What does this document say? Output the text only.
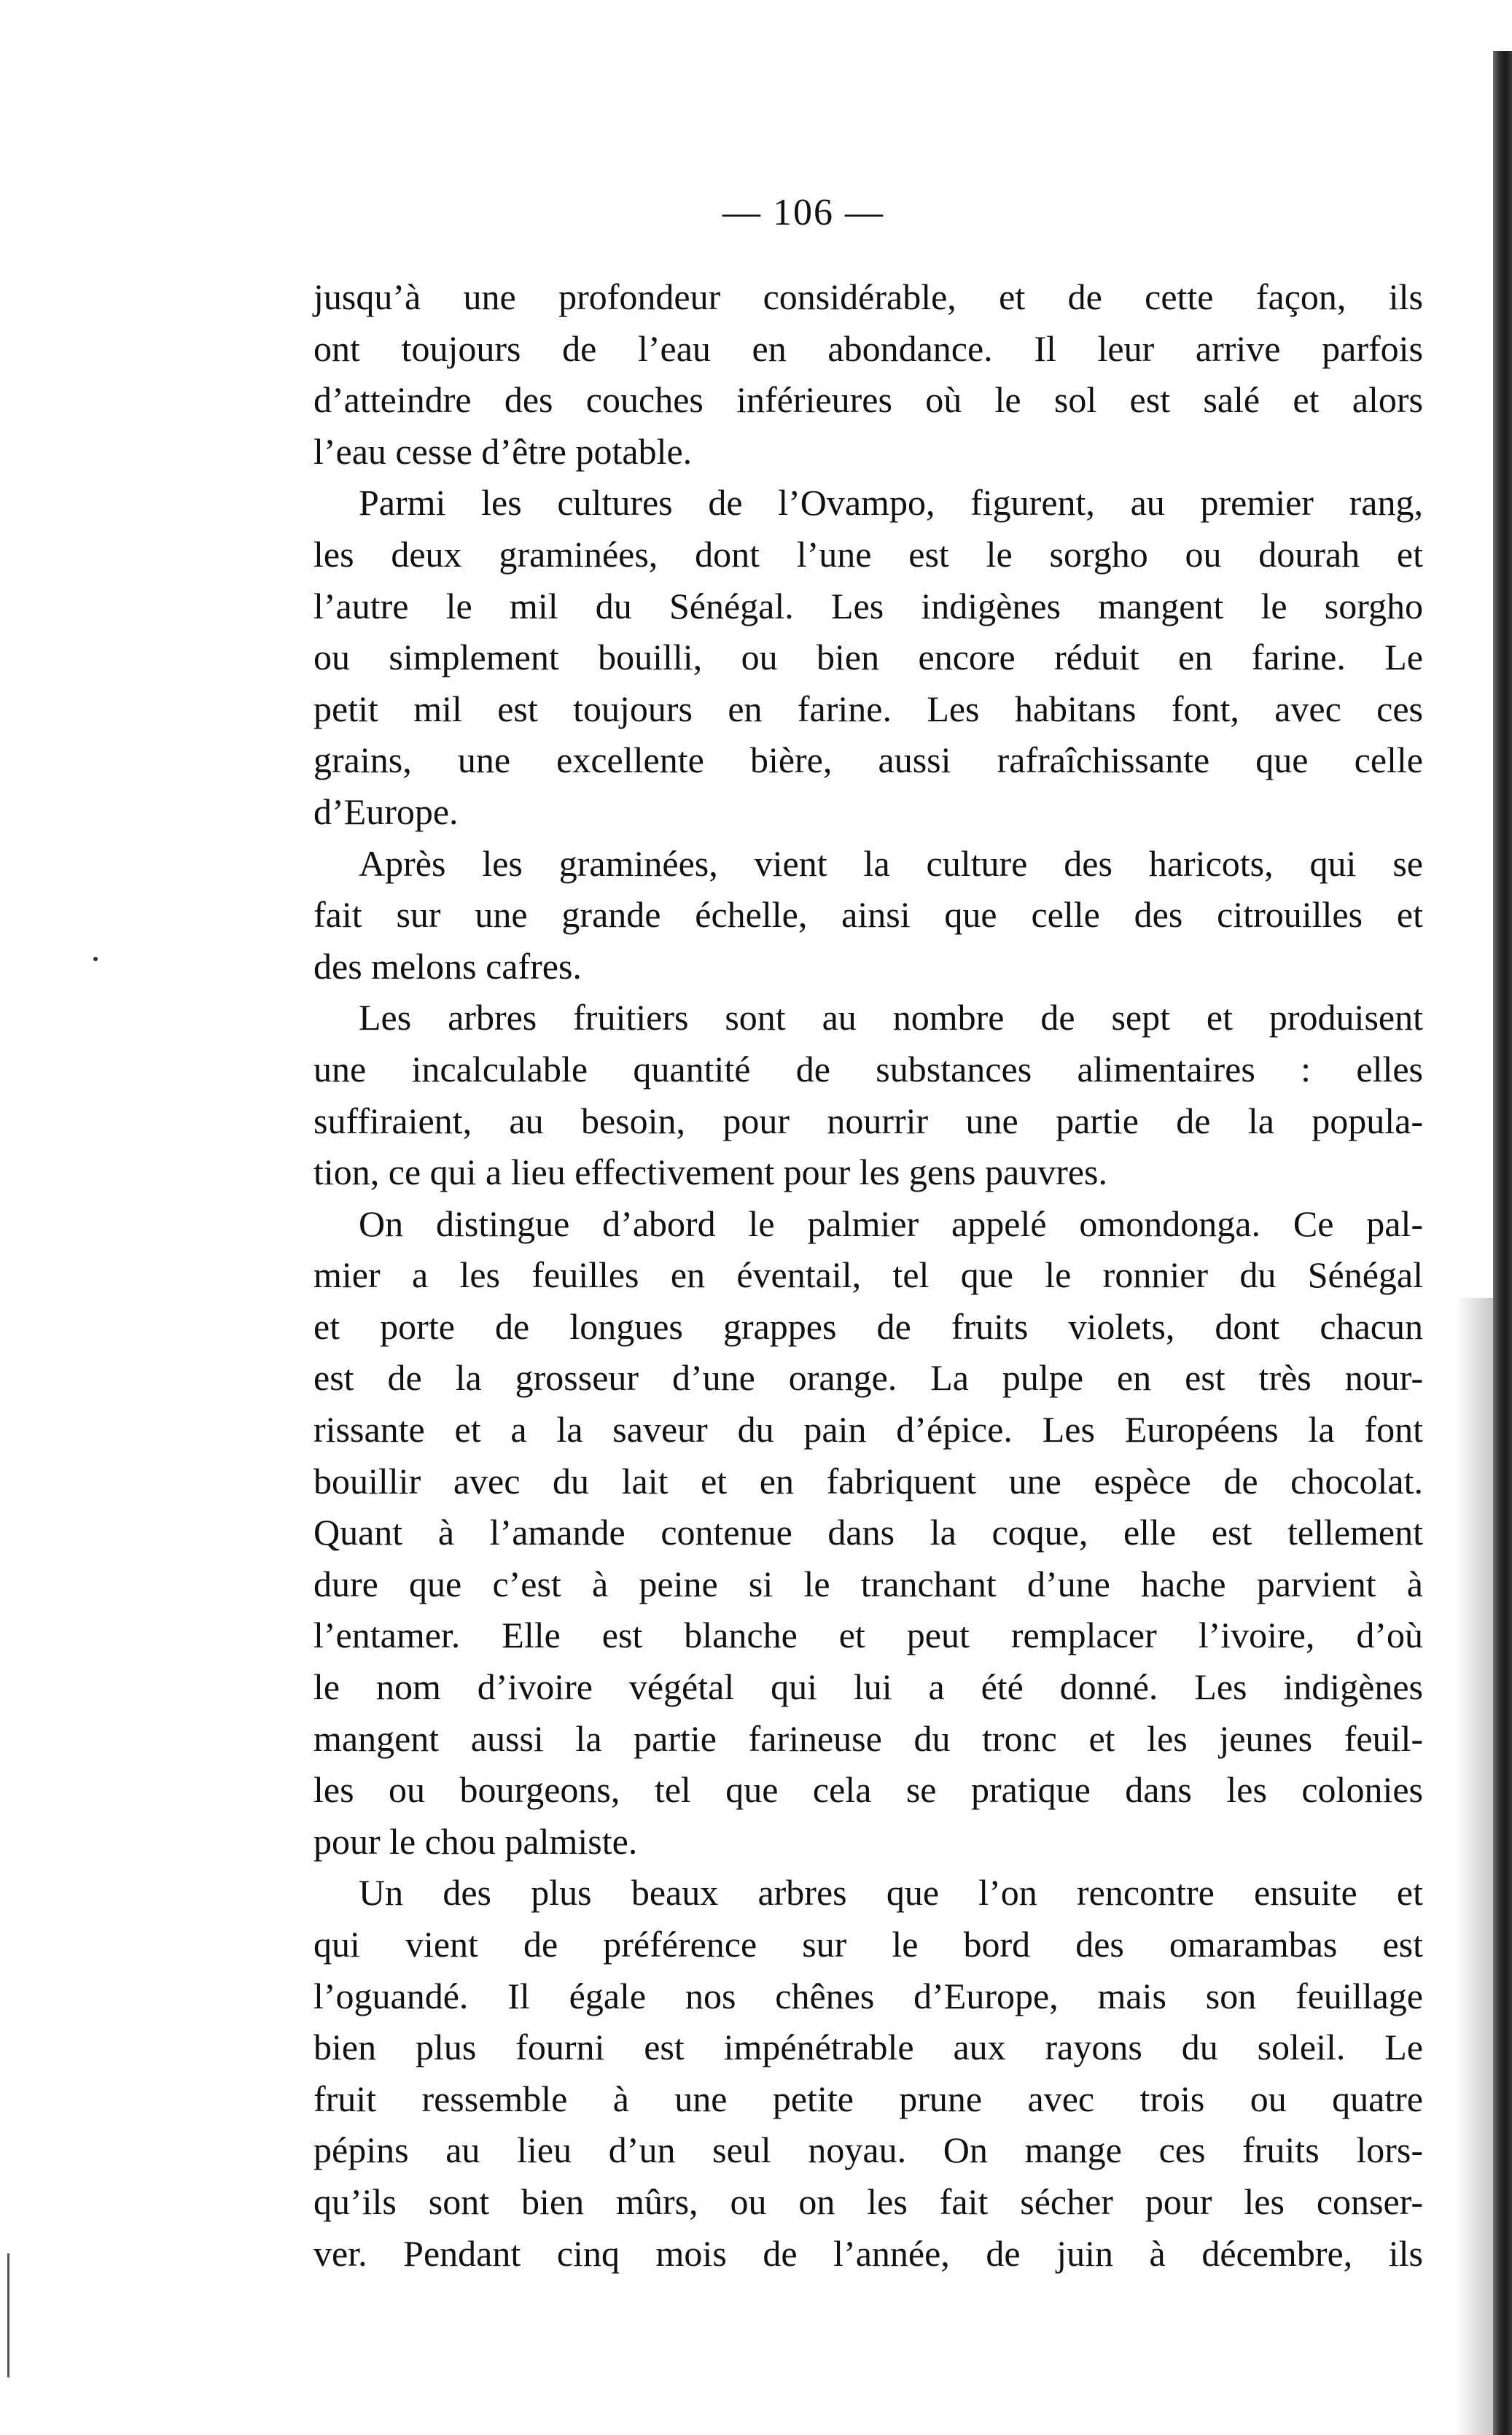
— 106 —
jusqu’à une profondeur considérable, et de cette façon, ils
ont toujours de l’eau en abondance. Il leur arrive parfois
d’atteindre des couches inférieures où le sol est salé et alors
l’eau cesse d’être potable.
Parmi les cultures de l’Ovampo, figurent, au premier rang,
les deux graminées, dont l’une est le sorgho ou dourah et
l’autre le mil du Sénégal. Les indigènes mangent le sorgho
ou simplement bouilli, ou bien encore réduit en farine. Le
petit mil est toujours en farine. Les habitans font, avec ces
grains, une excellente bière, aussi rafraîchissante que celle
d’Europe.
Après les graminées, vient la culture des haricots, qui se
fait sur une grande échelle, ainsi que celle des citrouilles et
des melons cafres.
Les arbres fruitiers sont au nombre de sept et produisent
une incalculable quantité de substances alimentaires : elles
suffiraient, au besoin, pour nourrir une partie de la popula-
tion, ce qui a lieu effectivement pour les gens pauvres.
On distingue d’abord le palmier appelé omondonga. Ce pal-
mier a les feuilles en éventail, tel que le ronnier du Sénégal
et porte de longues grappes de fruits violets, dont chacun
est de la grosseur d’une orange. La pulpe en est très nour-
rissante et a la saveur du pain d’épice. Les Européens la font
bouillir avec du lait et en fabriquent une espèce de chocolat.
Quant à l’amande contenue dans la coque, elle est tellement
dure que c’est à peine si le tranchant d’une hache parvient à
l’entamer. Elle est blanche et peut remplacer l’ivoire, d’où
le nom d’ivoire végétal qui lui a été donné. Les indigènes
mangent aussi la partie farineuse du tronc et les jeunes feuil-
les ou bourgeons, tel que cela se pratique dans les colonies
pour le chou palmiste.
Un des plus beaux arbres que l’on rencontre ensuite et
qui vient de préférence sur le bord des omarambas est
l’oguandé. Il égale nos chênes d’Europe, mais son feuillage
bien plus fourni est impénétrable aux rayons du soleil. Le
fruit ressemble à une petite prune avec trois ou quatre
pépins au lieu d’un seul noyau. On mange ces fruits lors-
qu’ils sont bien mûrs, ou on les fait sécher pour les conser-
ver. Pendant cinq mois de l’année, de juin à décembre, ils
